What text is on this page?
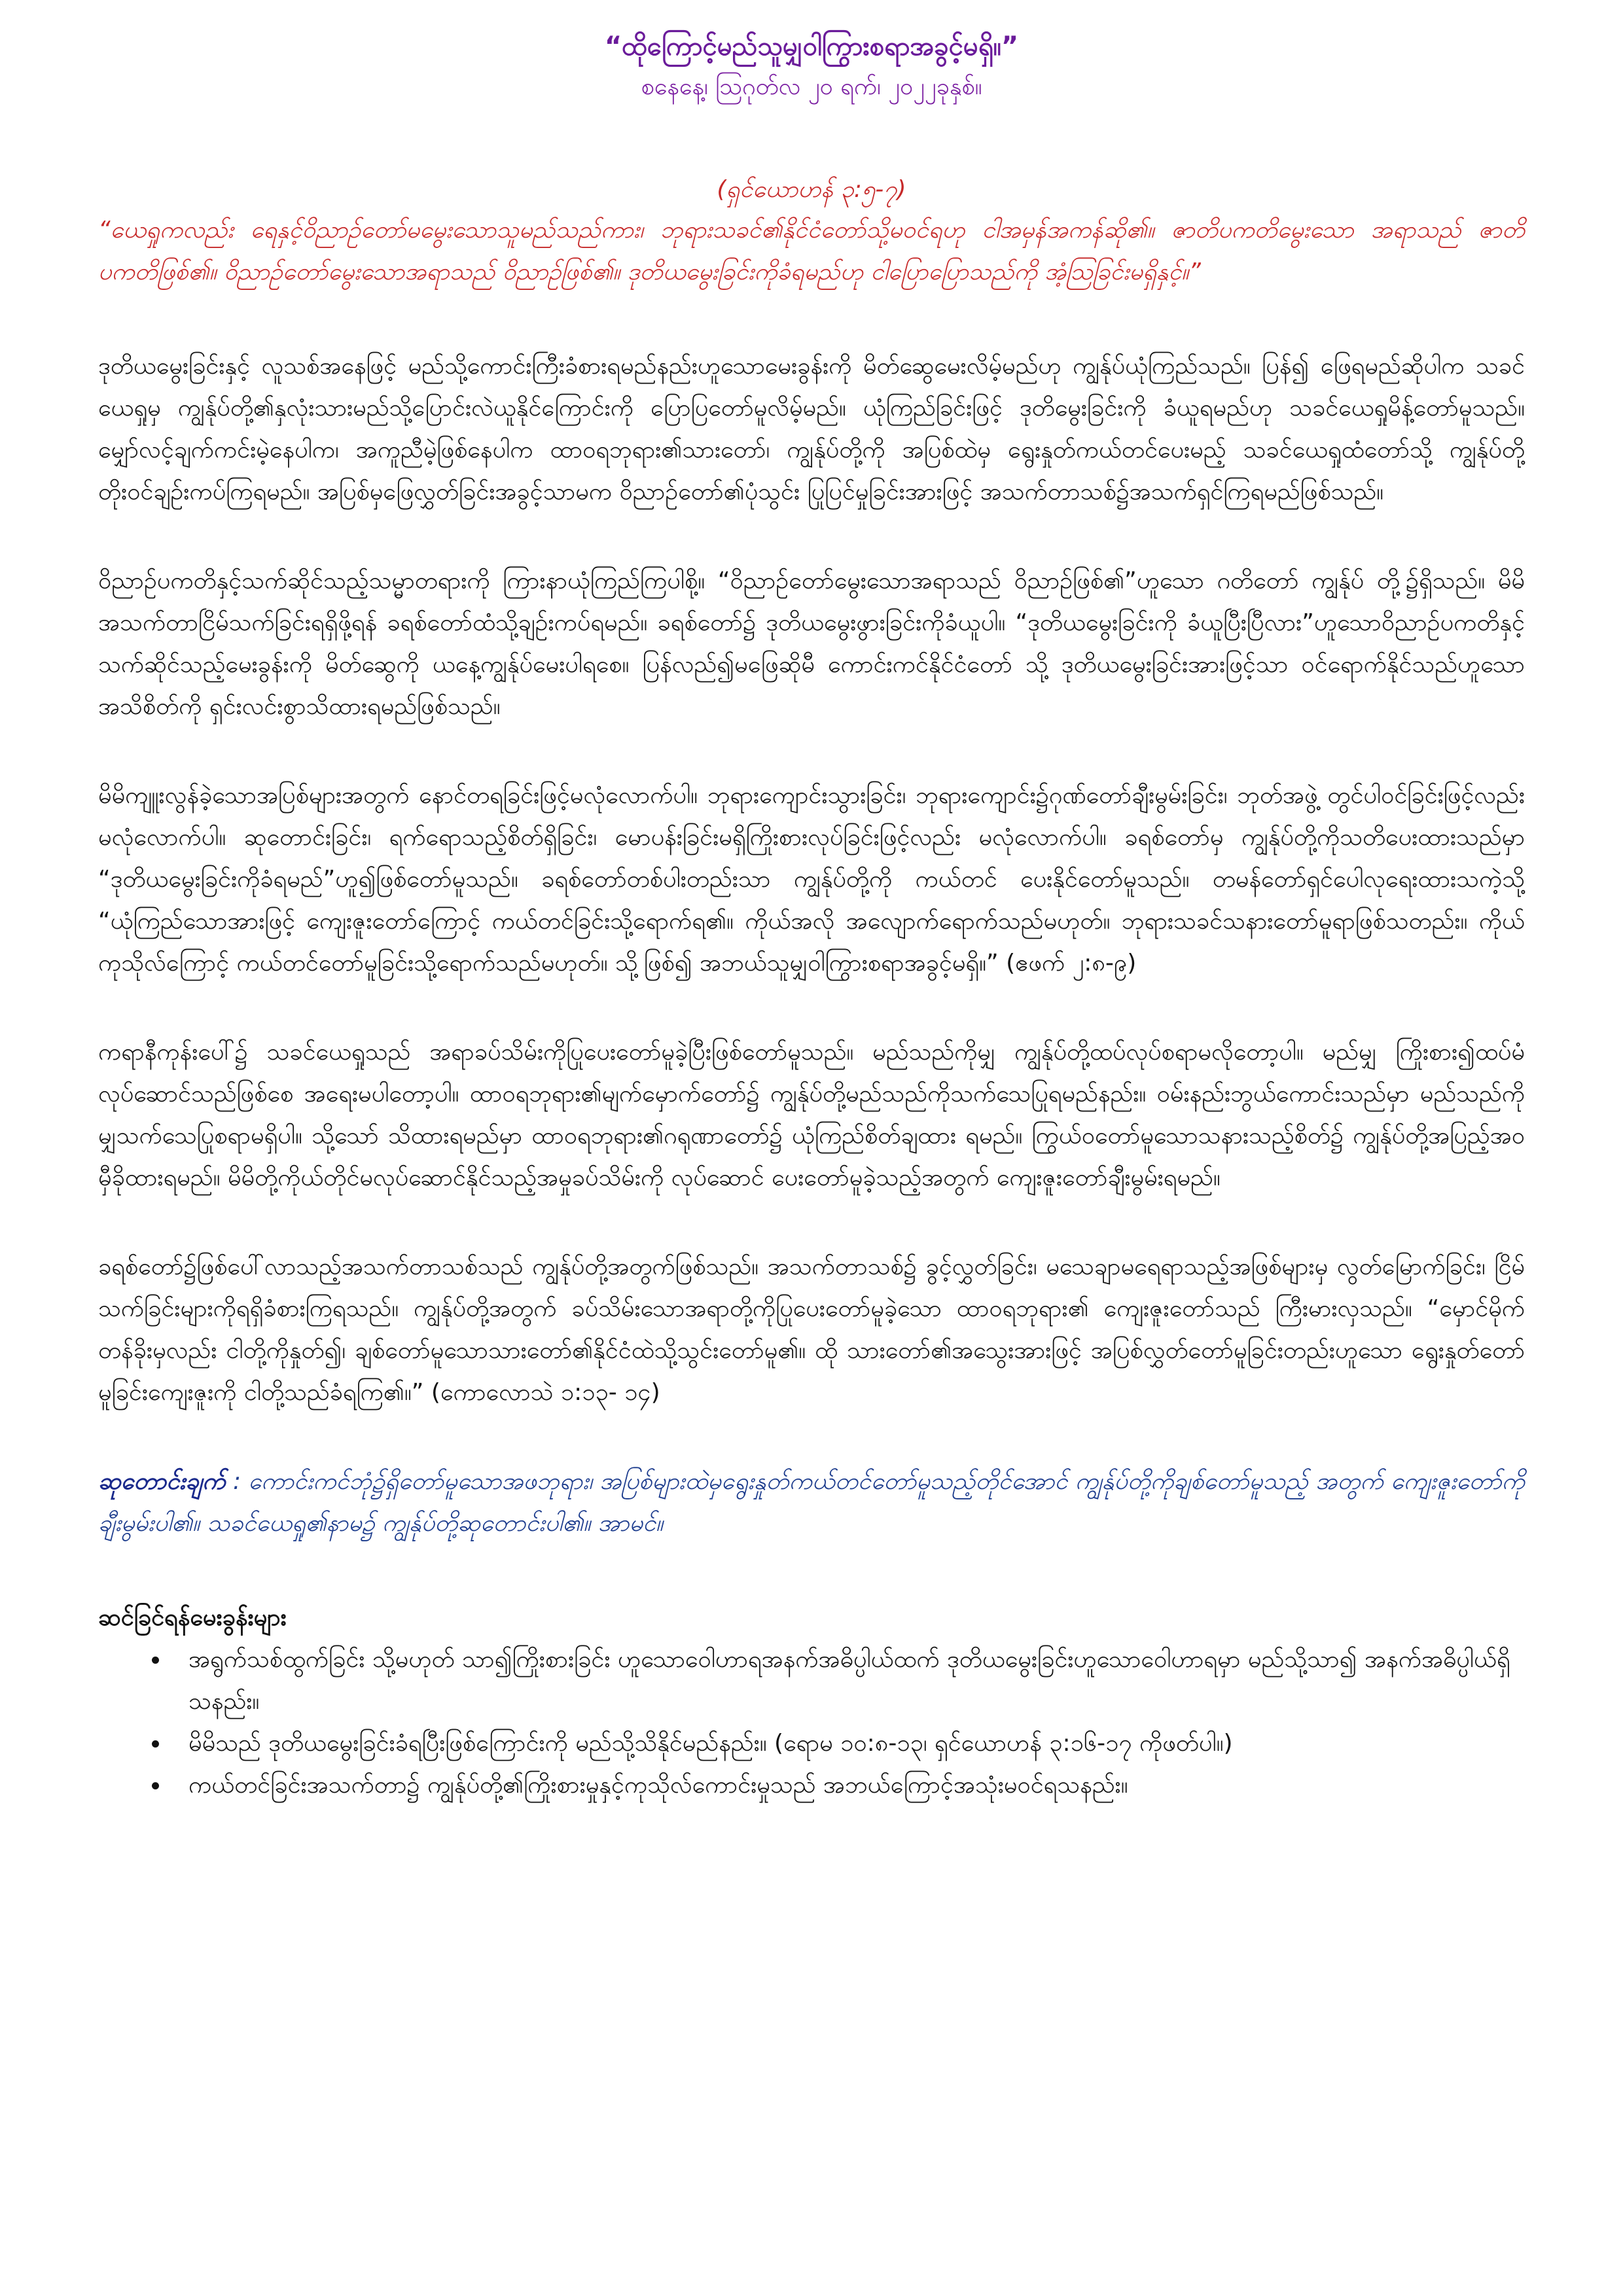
“ထိုကြောင့်မည်သူမျှဝါကြွားစရာအခွင့်မရှိ။”

စနေနေ့၊ ဩဂုတ်လ ၂၀ ရက်၊ ၂၀၂၂ခုနှစ်။

(ရှင်ယောဟန် ၃:၅-၇)

“ယေရှုကလည်း ရေနှင့်ဝိညာဉ်တော်မမွေးသောသူမည်သည်ကား၊ ဘုရားသခင်၏နိုင်ငံတော်သို့မဝင်ရဟု ငါအမှန်အကန်ဆို၏။ ဇာတိပကတိမွေးသော အရာသည် ဇာတိပကတိဖြစ်၏။ ဝိညာဉ်တော်မွေးသောအရာသည် ဝိညာဉ်ဖြစ်၏။ ဒုတိယမွေးခြင်းကိုခံရမည်ဟု ငါပြောပြောသည်ကို အံ့သြခြင်းမရှိနှင့်။”

ဒုတိယမွေးခြင်းနှင့် လူသစ်အနေဖြင့် မည်သို့ကောင်းကြီးခံစားရမည်နည်းဟူသောမေးခွန်းကို မိတ်ဆွေမေးလိမ့်မည်ဟု ကျွန်ုပ်ယုံကြည်သည်။ ပြန်၍ ဖြေရမည်ဆိုပါက သခင်ယေရှုမှ ကျွန်ုပ်တို့၏နှလုံးသားမည်သို့ပြောင်းလဲယူနိုင်ကြောင်းကို ပြောပြတော်မူလိမ့်မည်။ ယုံကြည်ခြင်းဖြင့် ဒုတိမွေးခြင်းကို ခံယူရမည်ဟု သခင်ယေရှုမိန့်တော်မူသည်။ မျှော်လင့်ချက်ကင်းမဲ့နေပါက၊ အကူညီမဲ့ဖြစ်နေပါက ထာဝရဘုရား၏သားတော်၊ ကျွန်ုပ်တို့ကို အပြစ်ထဲမှ ရွေးနှုတ်ကယ်တင်ပေးမည့် သခင်ယေရှုထံတော်သို့ ကျွန်ုပ်တို့တိုးဝင်ချဉ်းကပ်ကြရမည်။ အပြစ်မှဖြေလွှတ်ခြင်းအခွင့်သာမက ဝိညာဉ်တော်၏ပုံသွင်း ပြုပြင်မှုခြင်းအားဖြင့် အသက်တာသစ်၌အသက်ရှင်ကြရမည်ဖြစ်သည်။

ဝိညာဉ်ပကတိနှင့်သက်ဆိုင်သည့်သမ္မာတရားကို ကြားနာယုံကြည်ကြပါစို့။ “ဝိညာဉ်တော်မွေးသောအရာသည် ဝိညာဉ်ဖြစ်၏”ဟူသော ဂတိတော် ကျွန်ုပ် တို့၌ရှိသည်။ မိမိအသက်တာငြိမ်သက်ခြင်းရရှိဖို့ရန် ခရစ်တော်ထံသို့ချဉ်းကပ်ရမည်။ ခရစ်တော်၌ ဒုတိယမွေးဖွားခြင်းကိုခံယူပါ။ “ဒုတိယမွေးခြင်းကို ခံယူပြီးပြီလား”ဟူသောဝိညာဉ်ပကတိနှင့်သက်ဆိုင်သည့်မေးခွန်းကို မိတ်ဆွေကို ယနေ့ကျွန်ုပ်မေးပါရစေ။ ပြန်လည်၍မဖြေဆိုမီ ကောင်းကင်နိုင်ငံတော် သို့ ဒုတိယမွေးခြင်းအားဖြင့်သာ ဝင်ရောက်နိုင်သည်ဟူသော အသိစိတ်ကို ရှင်းလင်းစွာသိထားရမည်ဖြစ်သည်။

မိမိကျူးလွန်ခဲ့သောအပြစ်များအတွက် နောင်တရခြင်းဖြင့်မလုံလောက်ပါ။ ဘုရားကျောင်းသွားခြင်း၊ ဘုရားကျောင်း၌ဂုဏ်တော်ချီးမွမ်းခြင်း၊ ဘုတ်အဖွဲ့ တွင်ပါဝင်ခြင်းဖြင့်လည်းမလုံလောက်ပါ။ ဆုတောင်းခြင်း၊ ရက်ရောသည့်စိတ်ရှိခြင်း၊ မောပန်းခြင်းမရှိကြိုးစားလုပ်ခြင်းဖြင့်လည်း မလုံလောက်ပါ။ ခရစ်တော်မှ ကျွန်ုပ်တို့ကိုသတိပေးထားသည်မှာ “ဒုတိယမွေးခြင်းကိုခံရမည်”ဟူ၍ဖြစ်တော်မူသည်။ ခရစ်တော်တစ်ပါးတည်းသာ ကျွန်ုပ်တို့ကို ကယ်တင် ပေးနိုင်တော်မူသည်။ တမန်တော်ရှင်ပေါလုရေးထားသကဲ့သို့ “ယုံကြည်သောအားဖြင့် ကျေးဇူးတော်ကြောင့် ကယ်တင်ခြင်းသို့ရောက်ရ၏။ ကိုယ်အလို အလျောက်ရောက်သည်မဟုတ်။ ဘုရားသခင်သနားတော်မူရာဖြစ်သတည်း။ ကိုယ်ကုသိုလ်ကြောင့် ကယ်တင်တော်မူခြင်းသို့ရောက်သည်မဟုတ်။ သို့ဖြစ်၍ အဘယ်သူမျှဝါကြွားစရာအခွင့်မရှိ။” (ဧဖက် ၂:၈-၉)

ကရာနီကုန်းပေါ်၌ သခင်ယေရှုသည် အရာခပ်သိမ်းကိုပြုပေးတော်မူခဲ့ပြီးဖြစ်တော်မူသည်။ မည်သည်ကိုမျှ ကျွန်ုပ်တို့ထပ်လုပ်စရာမလိုတော့ပါ။ မည်မျှ ကြိုးစား၍ထပ်မံလုပ်ဆောင်သည်ဖြစ်စေ အရေးမပါတော့ပါ။ ထာဝရဘုရား၏မျက်မှောက်တော်၌ ကျွန်ုပ်တို့မည်သည်ကိုသက်သေပြုရမည်နည်း။ ဝမ်းနည်းဘွယ်ကောင်းသည်မှာ မည်သည်ကိုမျှသက်သေပြုစရာမရှိပါ။ သို့သော် သိထားရမည်မှာ ထာဝရဘုရား၏ဂရုဏာတော်၌ ယုံကြည်စိတ်ချထား ရမည်။ ကြွယ်ဝတော်မူသောသနားသည့်စိတ်၌ ကျွန်ုပ်တို့အပြည့်အဝမှီခိုထားရမည်။ မိမိတို့ကိုယ်တိုင်မလုပ်ဆောင်နိုင်သည့်အမှုခပ်သိမ်းကို လုပ်ဆောင် ပေးတော်မူခဲ့သည့်အတွက် ကျေးဇူးတော်ချီးမွမ်းရမည်။

ခရစ်တော်၌ဖြစ်ပေါ်လာသည့်အသက်တာသစ်သည် ကျွန်ုပ်တို့အတွက်ဖြစ်သည်။ အသက်တာသစ်၌ ခွင့်လွှတ်ခြင်း၊ မသေချာမရေရာသည့်အဖြစ်များမှ လွတ်မြောက်ခြင်း၊ ငြိမ်သက်ခြင်းများကိုရရှိခံစားကြရသည်။ ကျွန်ုပ်တို့အတွက် ခပ်သိမ်းသောအရာတို့ကိုပြုပေးတော်မူခဲ့သော ထာဝရဘုရား၏ ကျေးဇူးတော်သည် ကြီးမားလှသည်။ “မှောင်မိုက်တန်ခိုးမှလည်း ငါတို့ကိုနှုတ်၍၊ ချစ်တော်မူသောသားတော်၏နိုင်ငံထဲသို့သွင်းတော်မူ၏။ ထို သားတော်၏အသွေးအားဖြင့် အပြစ်လွှတ်တော်မူခြင်းတည်းဟူသော ရွေးနှုတ်တော်မူခြင်းကျေးဇူးကို ငါတို့သည်ခံရကြ၏။” (ကောလောသဲ ၁:၁၃- ၁၄)

ဆုတောင်းချက် : ကောင်းကင်ဘုံ၌ရှိတော်မူသောအဖဘုရား၊ အပြစ်များထဲမှရွေးနှုတ်ကယ်တင်တော်မူသည့်တိုင်အောင် ကျွန်ုပ်တို့ကိုချစ်တော်မူသည့် အတွက် ကျေးဇူးတော်ကိုချီးမွမ်းပါ၏။ သခင်ယေရှု၏နာမ၌ ကျွန်ုပ်တို့ဆုတောင်းပါ၏။ အာမင်။

ဆင်ခြင်ရန်မေးခွန်းများ

• အရွက်သစ်ထွက်ခြင်း သို့မဟုတ် သာ၍ကြိုးစားခြင်း ဟူသောဝေါဟာရအနက်အဓိပ္ပါယ်ထက် ဒုတိယမွေးခြင်းဟူသောဝေါဟာရမှာ မည်သို့သာ၍ အနက်အဓိပ္ပါယ်ရှိသနည်း။
• မိမိသည် ဒုတိယမွေးခြင်းခံရပြီးဖြစ်ကြောင်းကို မည်သို့သိနိုင်မည်နည်း။ (ရောမ ၁၀:၈-၁၃၊ ရှင်ယောဟန် ၃:၁၆-၁၇ ကိုဖတ်ပါ။)
• ကယ်တင်ခြင်းအသက်တာ၌ ကျွန်ုပ်တို့၏ကြိုးစားမှုနှင့်ကုသိုလ်ကောင်းမှုသည် အဘယ်ကြောင့်အသုံးမဝင်ရသနည်း။
